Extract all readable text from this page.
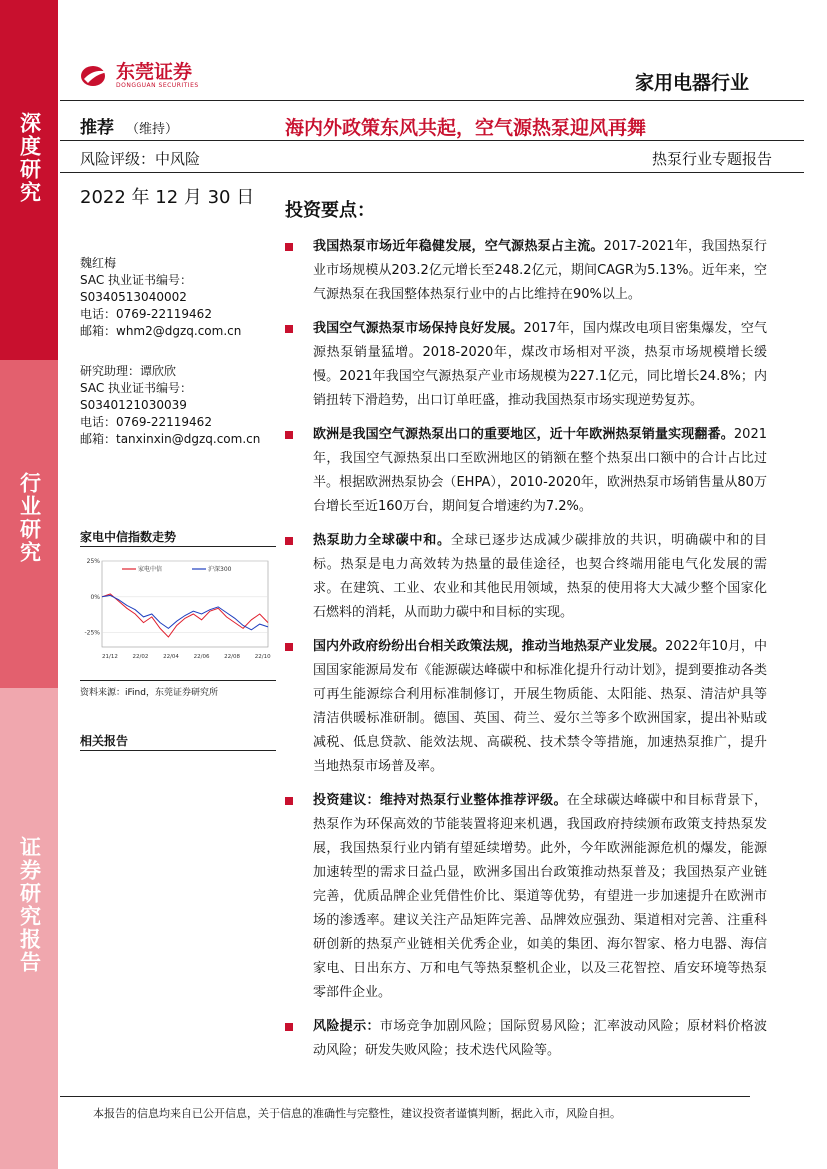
深度研究
行业研究
证券研究报告
东莞证券
DONGGUAN SECURITIES	家用电器行业
推荐 （维持）	海内外政策东风共起，空气源热泵迎风再舞
风险评级：中风险	热泵行业专题报告
2022 年 12 月 30 日
投资要点：
魏红梅
SAC 执业证书编号：
S0340513040002
电话：0769-22119462
邮箱：whm2@dgzq.com.cn
研究助理：谭欣欣
SAC 执业证书编号：
S0340121030039
电话：0769-22119462
邮箱：tanxinxin@dgzq.com.cn
家电中信指数走势
25%
0%
-25%
21/12	22/02	22/04	22/06	22/08	22/10
家电中信	沪深300
资料来源：iFind，东莞证券研究所
相关报告
我国热泵市场近年稳健发展，空气源热泵占主流。2017-2021年，我国热泵行业市场规模从203.2亿元增长至248.2亿元，期间CAGR为5.13%。近年来，空气源热泵在我国整体热泵行业中的占比维持在90%以上。
我国空气源热泵市场保持良好发展。2017年，国内煤改电项目密集爆发，空气源热泵销量猛增。2018-2020年，煤改市场相对平淡，热泵市场规模增长缓慢。2021年我国空气源热泵产业市场规模为227.1亿元，同比增长24.8%；内销扭转下滑趋势，出口订单旺盛，推动我国热泵市场实现逆势复苏。
欧洲是我国空气源热泵出口的重要地区，近十年欧洲热泵销量实现翻番。2021年，我国空气源热泵出口至欧洲地区的销额在整个热泵出口额中的合计占比过半。根据欧洲热泵协会（EHPA），2010-2020年，欧洲热泵市场销售量从80万台增长至近160万台，期间复合增速约为7.2%。
热泵助力全球碳中和。全球已逐步达成减少碳排放的共识，明确碳中和的目标。热泵是电力高效转为热量的最佳途径，也契合终端用能电气化发展的需求。在建筑、工业、农业和其他民用领域，热泵的使用将大大减少整个国家化石燃料的消耗，从而助力碳中和目标的实现。
国内外政府纷纷出台相关政策法规，推动当地热泵产业发展。2022年10月，中国国家能源局发布《能源碳达峰碳中和标准化提升行动计划》，提到要推动各类可再生能源综合利用标准制修订，开展生物质能、太阳能、热泵、清洁炉具等清洁供暖标准研制。德国、英国、荷兰、爱尔兰等多个欧洲国家，提出补贴或减税、低息贷款、能效法规、高碳税、技术禁令等措施，加速热泵推广，提升当地热泵市场普及率。
投资建议：维持对热泵行业整体推荐评级。在全球碳达峰碳中和目标背景下，热泵作为环保高效的节能装置将迎来机遇，我国政府持续颁布政策支持热泵发展，我国热泵行业内销有望延续增势。此外，今年欧洲能源危机的爆发，能源加速转型的需求日益凸显，欧洲多国出台政策推动热泵普及；我国热泵产业链完善，优质品牌企业凭借性价比、渠道等优势，有望进一步加速提升在欧洲市场的渗透率。建议关注产品矩阵完善、品牌效应强劲、渠道相对完善、注重科研创新的热泵产业链相关优秀企业，如美的集团、海尔智家、格力电器、海信家电、日出东方、万和电气等热泵整机企业，以及三花智控、盾安环境等热泵零部件企业。
风险提示：市场竞争加剧风险；国际贸易风险；汇率波动风险；原材料价格波动风险；研发失败风险；技术迭代风险等。
本报告的信息均来自已公开信息，关于信息的准确性与完整性，建议投资者谨慎判断，据此入市，风险自担。
